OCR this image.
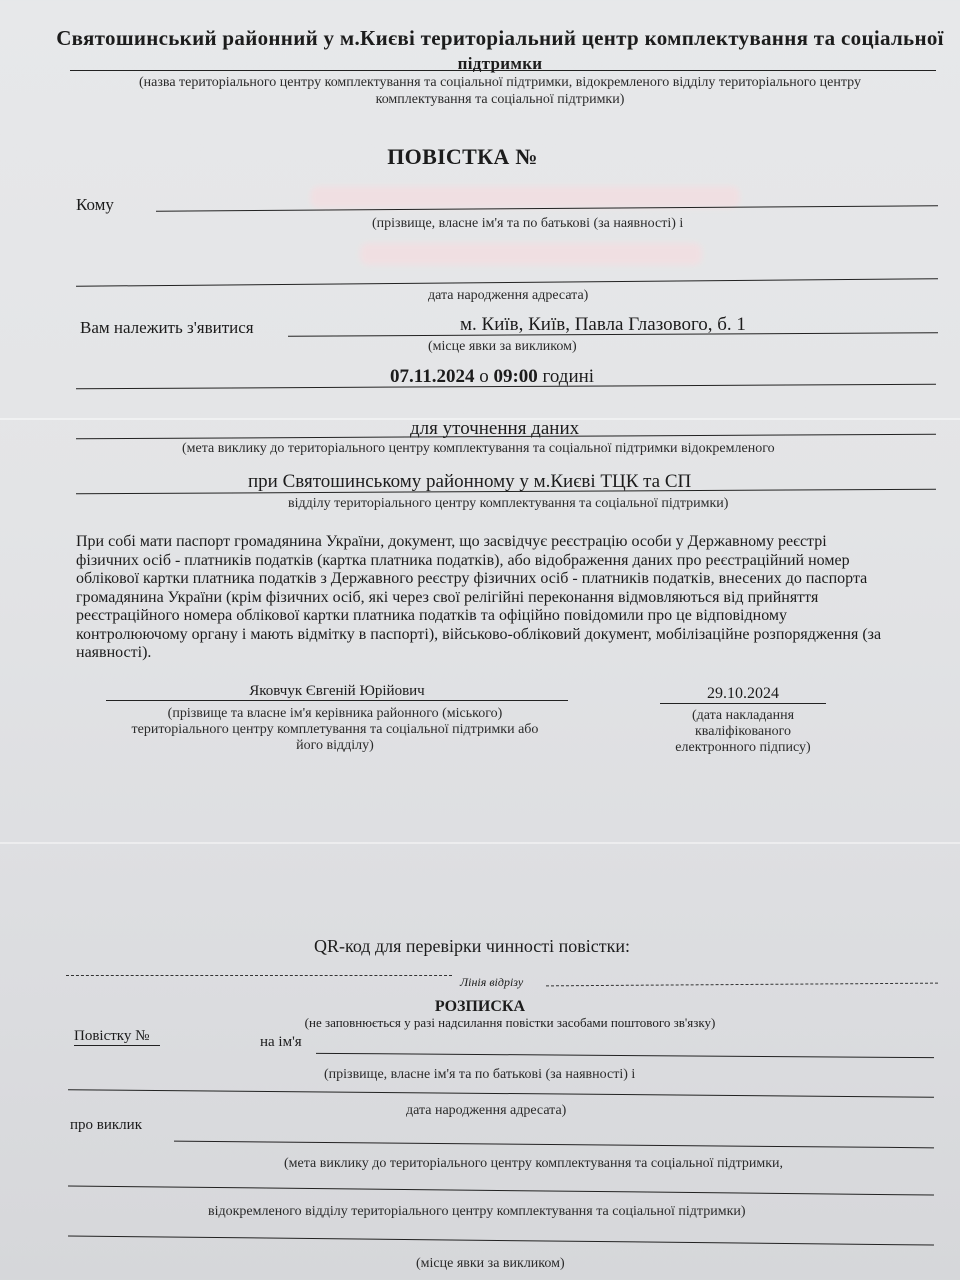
Святошинський районний у м.Києві територіальний центр комплектування та соціальної
підтримки
(назва територіального центру комплектування та соціальної підтримки, відокремленого відділу територіального центру
комплектування та соціальної підтримки)
ПОВІСТКА №
Кому
(прізвище, власне ім'я та по батькові (за наявності) і
дата народження адресата)
Вам належить з'явитися	м. Київ, Київ, Павла Глазового, б. 1
(місце явки за викликом)
07.11.2024 о 09:00 годині
для уточнення даних
(мета виклику до територіального центру комплектування та соціальної підтримки відокремленого
при Святошинському районному у м.Києві ТЦК та СП
відділу територіального центру комплектування та соціальної підтримки)
При собі мати паспорт громадянина України, документ, що засвідчує реєстрацію особи у Державному реєстрі
фізичних осіб - платників податків (картка платника податків), або відображення даних про реєстраційний номер
облікової картки платника податків з Державного реєстру фізичних осіб - платників податків, внесених до паспорта
громадянина України (крім фізичних осіб, які через свої релігійні переконання відмовляються від прийняття
реєстраційного номера облікової картки платника податків та офіційно повідомили про це відповідному
контролюючому органу і мають відмітку в паспорті), військово-обліковий документ, мобілізаційне розпорядження (за
наявності).
Яковчук Євгеній Юрійович
(прізвище та власне ім'я керівника районного (міського)
територіального центру комплетування та соціальної підтримки або
його відділу)
29.10.2024
(дата накладання
кваліфікованого
електронного підпису)
QR-код для перевірки чинності повістки:
Лінія відрізу
РОЗПИСКА
(не заповнюється у разі надсилання повістки засобами поштового зв'язку)
Повістку №	на ім'я
(прізвище, власне ім'я та по батькові (за наявності) і
дата народження адресата)
про виклик
(мета виклику до територіального центру комплектування та соціальної підтримки,
відокремленого відділу територіального центру комплектування та соціальної підтримки)
(місце явки за викликом)
